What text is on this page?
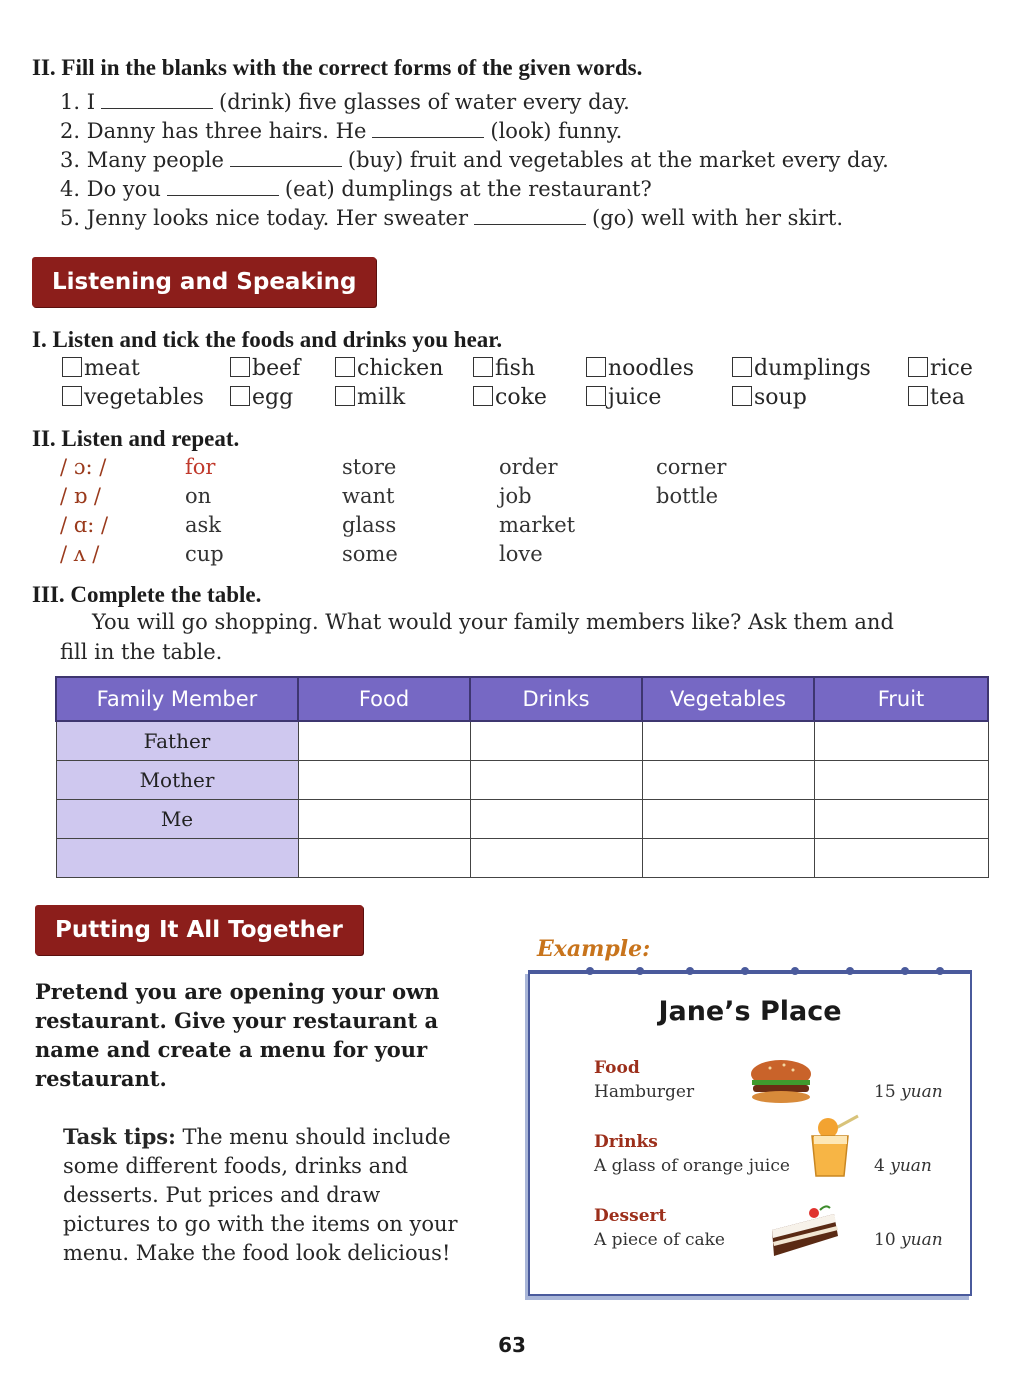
II. Fill in the blanks with the correct forms of the given words.
1. I	(drink) five glasses of water every day.
2. Danny has three hairs. He	(look) funny.
3. Many people	(buy) fruit and vegetables at the market every day.
4. Do you	(eat) dumplings at the restaurant?
5. Jenny looks nice today. Her sweater	(go) well with her skirt.
Listening and Speaking
I. Listen and tick the foods and drinks you hear.
meat	beef	chicken	fish	noodles	dumplings	rice
vegetables	egg	milk	coke	juice	soup	tea
II. Listen and repeat.
/ ɔ: /	for	store	order	corner
/ ɒ /	on	want	job	bottle
/ ɑ: /	ask	glass	market
/ ʌ /	cup	some	love
III. Complete the table.
You will go shopping. What would your family members like? Ask them and
fill in the table.
Family Member	Food	Drinks	Vegetables	Fruit
Father				
Mother				
Me				

Putting It All Together
Pretend you are opening your own
restaurant. Give your restaurant a
name and create a menu for your
restaurant.
Task tips: The menu should include
some different foods, drinks and
desserts. Put prices and draw
pictures to go with the items on your
menu. Make the food look delicious!
Example:
Jane’s Place
Food
Hamburger	15 yuan
Drinks
A glass of orange juice	4 yuan
Dessert
A piece of cake	10 yuan
63
